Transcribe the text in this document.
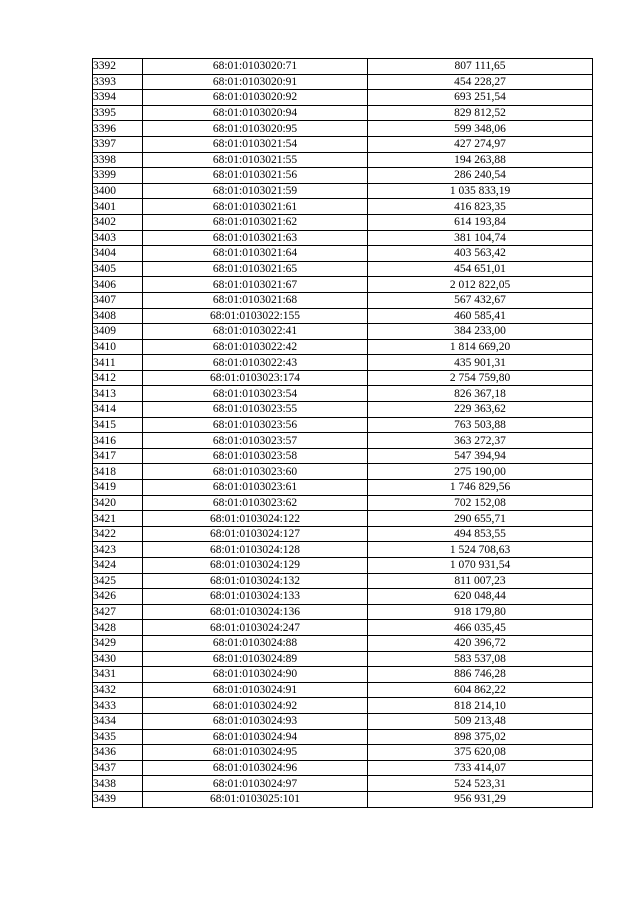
3392	68:01:0103020:71	807 111,65
3393	68:01:0103020:91	454 228,27
3394	68:01:0103020:92	693 251,54
3395	68:01:0103020:94	829 812,52
3396	68:01:0103020:95	599 348,06
3397	68:01:0103021:54	427 274,97
3398	68:01:0103021:55	194 263,88
3399	68:01:0103021:56	286 240,54
3400	68:01:0103021:59	1 035 833,19
3401	68:01:0103021:61	416 823,35
3402	68:01:0103021:62	614 193,84
3403	68:01:0103021:63	381 104,74
3404	68:01:0103021:64	403 563,42
3405	68:01:0103021:65	454 651,01
3406	68:01:0103021:67	2 012 822,05
3407	68:01:0103021:68	567 432,67
3408	68:01:0103022:155	460 585,41
3409	68:01:0103022:41	384 233,00
3410	68:01:0103022:42	1 814 669,20
3411	68:01:0103022:43	435 901,31
3412	68:01:0103023:174	2 754 759,80
3413	68:01:0103023:54	826 367,18
3414	68:01:0103023:55	229 363,62
3415	68:01:0103023:56	763 503,88
3416	68:01:0103023:57	363 272,37
3417	68:01:0103023:58	547 394,94
3418	68:01:0103023:60	275 190,00
3419	68:01:0103023:61	1 746 829,56
3420	68:01:0103023:62	702 152,08
3421	68:01:0103024:122	290 655,71
3422	68:01:0103024:127	494 853,55
3423	68:01:0103024:128	1 524 708,63
3424	68:01:0103024:129	1 070 931,54
3425	68:01:0103024:132	811 007,23
3426	68:01:0103024:133	620 048,44
3427	68:01:0103024:136	918 179,80
3428	68:01:0103024:247	466 035,45
3429	68:01:0103024:88	420 396,72
3430	68:01:0103024:89	583 537,08
3431	68:01:0103024:90	886 746,28
3432	68:01:0103024:91	604 862,22
3433	68:01:0103024:92	818 214,10
3434	68:01:0103024:93	509 213,48
3435	68:01:0103024:94	898 375,02
3436	68:01:0103024:95	375 620,08
3437	68:01:0103024:96	733 414,07
3438	68:01:0103024:97	524 523,31
3439	68:01:0103025:101	956 931,29
